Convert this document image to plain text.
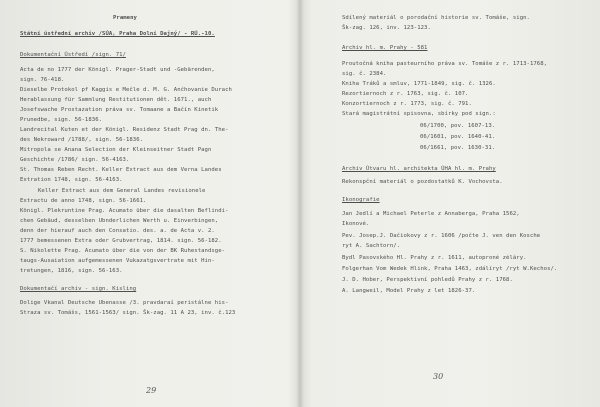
Prameny
Státní ústřední archiv /SÚA, Praha Dolní Dajný/ - RÚ.-10.
Dokumentační Ústředí /sign. 71/
Acta de no 1777 der Königl. Prager-Stadt und -Gebärenden,
sign. 76-418.
Dieselbe Protokol pf Kaggis e Mečle d. M. G. Ančhovanie Durach
Herablassung für Sammlung Restitutionen dět. 1671., auch
Josefswache Prostazation práva sv. Tomaane a Bačín Kinetik
Prunedbe, sign. 56-1836.
Landrecital Kuten et der Königl. Residenz Stadt Prag dn. The-
des Nekroward /1788/, sign. 56-1836.
Mitropola se Anana Selection der Kleinseitner Stadt Pagn
Geschichte /1786/ sign. 56-4163.
St. Thomas Reben Recht. Keller Extract aus dem Verna Landes
Extration 1748, sign. 56-4163.
Keller Extract aus dem General Landes revisionele
Extractu de anno 1748, sign. 56-1661.
Königl. Plekruntine Prag. Acumato über die dasalten Beflindi-
chen Gebäud, desselben Ubnderlichen Werth u. Einverbingen,
denn der hierauf auch den Consatio. des. a. de Acta v. 2.
1777 bemessenen Extra oder Grubvertrag, 1814. sign. 56-182.
S. Nikolette Prag. Acumato über die von der BK Ruhestandsge-
taugs-Ausaiation aufgemessenen Vukazatgsvertrate mit Hin-
tretungen, 1816, sign. 56-163.
Dokumentačí archiv - sign. Kisling
Dolige Vkanal Deutsche Ubenasse /3. pravdaraí peristálne his-
Straza sv. Tomášs, 1561-1563/ sign. Šk-zag. 11 A 23, inv. č.123
29
Sdílený materiál o porodační historie sv. Tomáše, sign.
Šk-zag. 126, inv. 123-123.
Archiv hl. m. Prahy - 581
Proutočná kniha pasteurního práva sv. Tomáše z r. 1713-1768,
sig. č. 2384.
Kniha Tráků a smluv, 1771-1849, sig. č. 1326.
Rezortiernoch z r. 1763, sig. č. 107.
Konzortiernoch z r. 1773, sig. č. 791.
Stará magistrátní spisovna, sbírky pod sign.:
06/1700, pov. 1607-13.
06/1601, pov. 1640-41.
06/1661, pov. 1630-31.
Archiv Útvaru hl. architekta ÚHA hl. m. Prahy
Rekonspční materiál o pozdostatků K. Vochovsta.
Ikonografie
Jan Jedlí a Michael Peterle z Annaberga, Praha 1562,
Ikonové.
Pev. Josep.J. Dačiokovy z r. 1606 /počte J. ven den Kosche
ryt A. Sachtorn/.
Bydl Pasovského Hl. Prahy z r. 1611, autoproné zéláry.
Folgerhan Vom Wedek Hlink, Praha 1463, zdálíryt /ryt W.Kechos/.
J. D. Hober, Perspektivní pohledů Prahy z r. 1768.
A. Langweil, Model Prahy z let 1826-37.
30
